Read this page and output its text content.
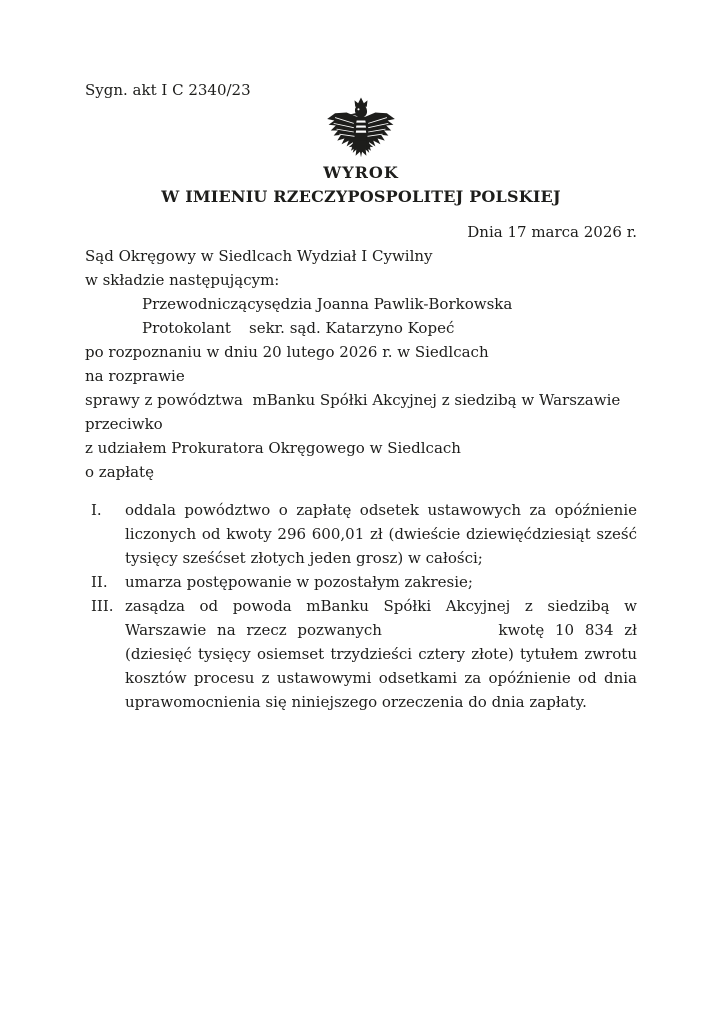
Sygn. akt I C 2340/23
WYROK
W IMIENIU RZECZYPOSPOLITEJ POLSKIEJ
Dnia 17 marca 2026 r.
Sąd Okręgowy w Siedlcach Wydział I Cywilny
w składzie następującym:
Przewodniczący sędzia Joanna Pawlik-Borkowska
Protokolant	sekr. sąd. Katarzyno Kopeć
po rozpoznaniu w dniu 20 lutego 2026 r. w Siedlcach
na rozprawie
sprawy z powództwa  mBanku Spółki Akcyjnej z siedzibą w Warszawie
przeciwko
z udziałem Prokuratora Okręgowego w Siedlcach
o zapłatę
I. oddala powództwo o zapłatę odsetek ustawowych za opóźnienie liczonych od kwoty 296 600,01 zł (dwieście dziewięćdziesiąt sześć tysięcy sześćset złotych jeden grosz) w całości;
II. umarza postępowanie w pozostałym zakresie;
III. zasądza od powoda mBanku Spółki Akcyjnej z siedzibą w Warszawie na rzecz pozwanych	kwotę 10 834 zł (dziesięć tysięcy osiemset trzydzieści cztery złote) tytułem zwrotu kosztów procesu z ustawowymi odsetkami za opóźnienie od dnia uprawomocnienia się niniejszego orzeczenia do dnia zapłaty.
